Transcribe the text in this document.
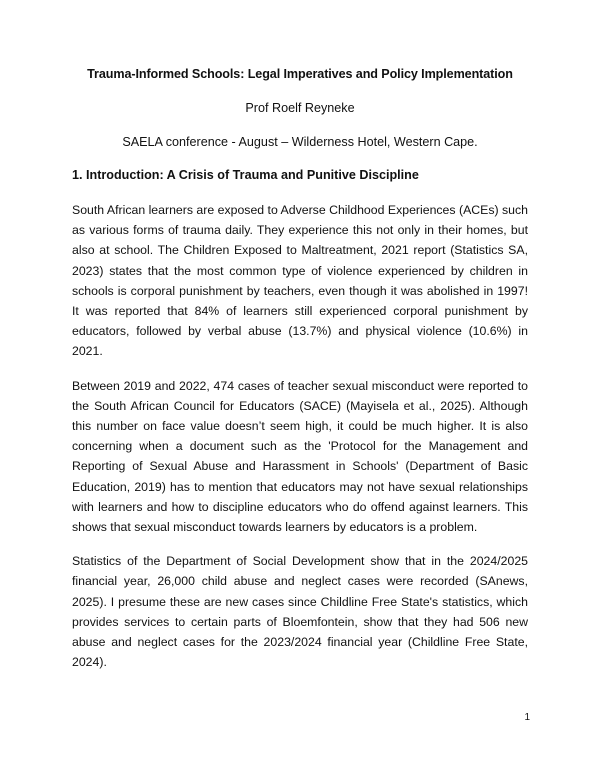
Trauma-Informed Schools: Legal Imperatives and Policy Implementation
Prof Roelf Reyneke
SAELA conference - August – Wilderness Hotel, Western Cape.
1. Introduction: A Crisis of Trauma and Punitive Discipline

South African learners are exposed to Adverse Childhood Experiences (ACEs) such as various forms of trauma daily. They experience this not only in their homes, but also at school. The Children Exposed to Maltreatment, 2021 report (Statistics SA, 2023) states that the most common type of violence experienced by children in schools is corporal punishment by teachers, even though it was abolished in 1997! It was reported that 84% of learners still experienced corporal punishment by educators, followed by verbal abuse (13.7%) and physical violence (10.6%) in 2021.

Between 2019 and 2022, 474 cases of teacher sexual misconduct were reported to the South African Council for Educators (SACE) (Mayisela et al., 2025). Although this number on face value doesn’t seem high, it could be much higher. It is also concerning when a document such as the 'Protocol for the Management and Reporting of Sexual Abuse and Harassment in Schools' (Department of Basic Education, 2019) has to mention that educators may not have sexual relationships with learners and how to discipline educators who do offend against learners. This shows that sexual misconduct towards learners by educators is a problem.

Statistics of the Department of Social Development show that in the 2024/2025 financial year, 26,000 child abuse and neglect cases were recorded (SAnews, 2025). I presume these are new cases since Childline Free State's statistics, which provides services to certain parts of Bloemfontein, show that they had 506 new abuse and neglect cases for the 2023/2024 financial year (Childline Free State, 2024).

1
